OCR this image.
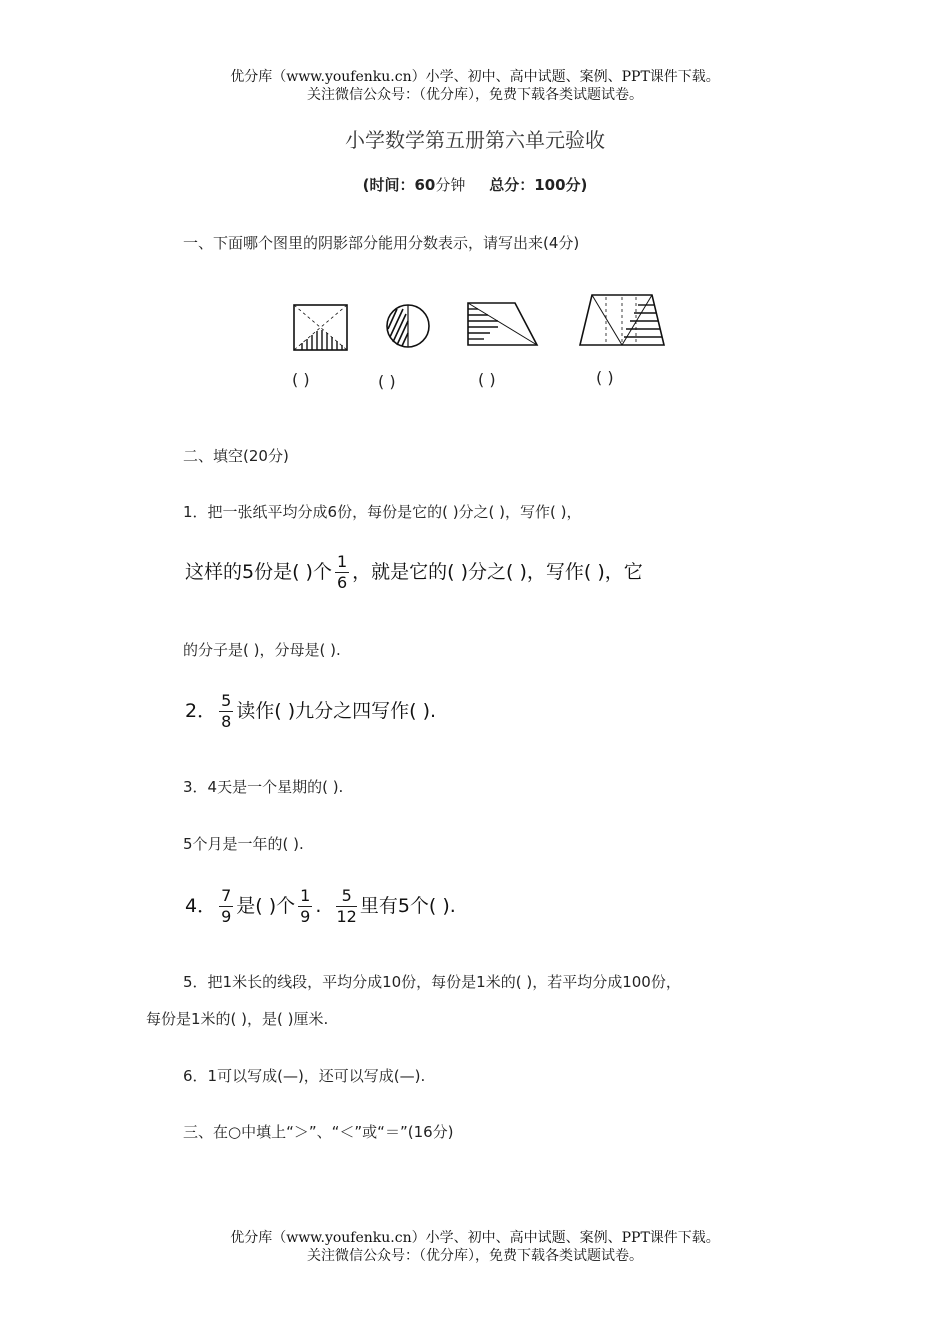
优分库（www.youfenku.cn）小学、初中、高中试题、案例、PPT课件下载。
关注微信公众号：（优分库），免费下载各类试题试卷。
小学数学第五册第六单元验收
(时间：60分钟 总分：100分)
一、下面哪个图里的阴影部分能用分数表示，请写出来(4分)
( )	( )	( )	( )
二、填空(20分)
1．把一张纸平均分成6份，每份是它的( )分之( )，写作( )，
这样的5份是( )个 $\frac{1}{6}$ ，就是它的( )分之( )，写作( )，它
的分子是( )，分母是( ).
2． $\frac{5}{8}$ 读作( )九分之四写作( ).
3．4天是一个星期的( ).
5个月是一年的( ).
4． $\frac{7}{9}$ 是( )个 $\frac{1}{9}$ . $\frac{5}{12}$ 里有5个( ).
5．把1米长的线段，平均分成10份，每份是1米的( )，若平均分成100份，
每份是1米的( )，是( )厘米.
6．1可以写成(—)，还可以写成(—).
三、在○中填上“＞”、“＜”或“＝”(16分)
优分库（www.youfenku.cn）小学、初中、高中试题、案例、PPT课件下载。
关注微信公众号：（优分库），免费下载各类试题试卷。
